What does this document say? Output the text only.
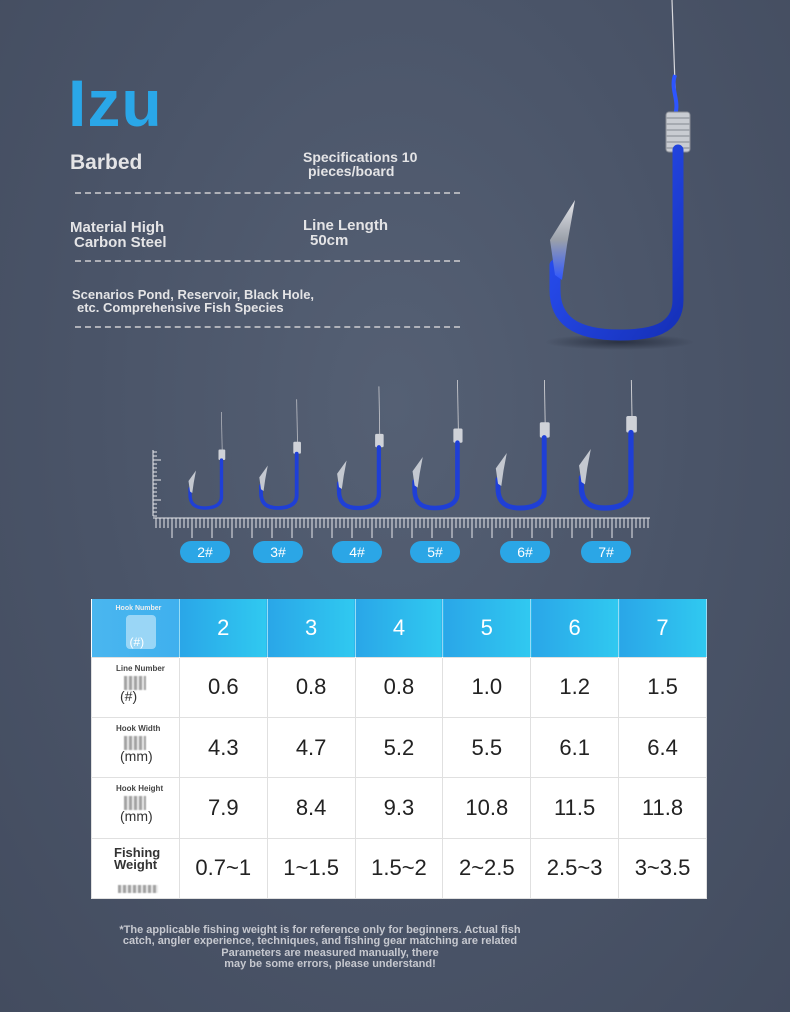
Izu
Barbed	Specifications 10
pieces/board
Material High
Carbon Steel
Line Length
50cm
Scenarios Pond, Reservoir, Black Hole,
etc. Comprehensive Fish Species
2#	3#	4#	5#	6#	7#
Hook Number
(#)	2	3	4	5	6	7

Line Number
(#)	0.6	0.8	0.8	1.0	1.2	1.5

Hook Width
(mm)	4.3	4.7	5.2	5.5	6.1	6.4

Hook Height
(mm)	7.9	8.4	9.3	10.8	11.5	11.8

Fishing Weight	0.7~1	1~1.5	1.5~2	2~2.5	2.5~3	3~3.5
*The applicable fishing weight is for reference only for beginners. Actual fish
catch, angler experience, techniques, and fishing gear matching are related
Parameters are measured manually, there
may be some errors, please understand!
